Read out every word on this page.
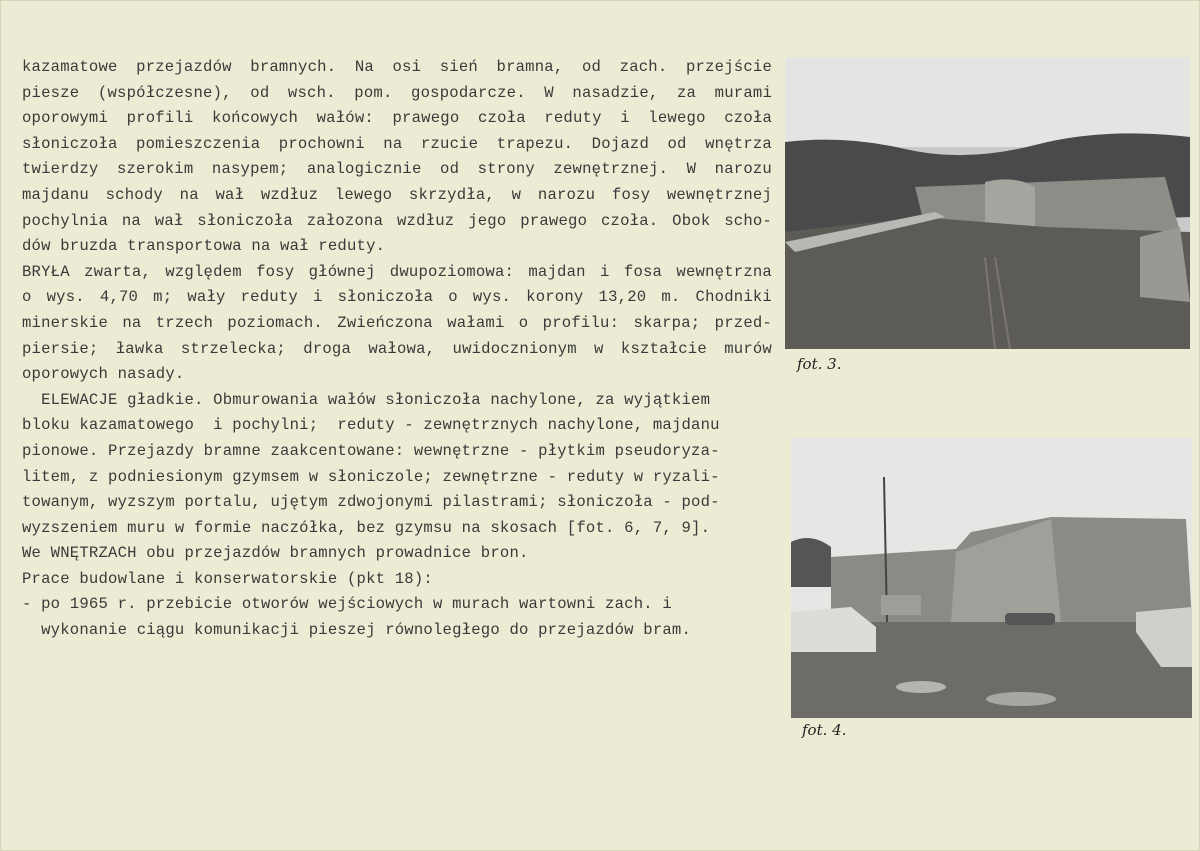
kazamatowe przejazdów bramnych. Na osi sień bramna, od zach. przejście
piesze (współczesne), od wsch. pom. gospodarcze. W nasadzie, za murami
oporowymi profili końcowych wałów: prawego czoła reduty i lewego czoła
słoniczoła pomieszczenia prochowni na rzucie trapezu. Dojazd od wnętrza
twierdzy szerokim nasypem; analogicznie od strony zewnętrznej. W narozu
majdanu schody na wał wzdłuz lewego skrzydła, w narozu fosy wewnętrznej
pochylnia na wał słoniczoła załozona wzdłuz jego prawego czoła. Obok scho-
dów bruzda transportowa na wał reduty.
BRYŁA zwarta, względem fosy głównej dwupoziomowa: majdan i fosa wewnętrzna
o wys. 4,70 m; wały reduty i słoniczoła o wys. korony 13,20 m. Chodniki
minerskie na trzech poziomach. Zwieńczona wałami o profilu: skarpa; przed-
piersie; ławka strzelecka; droga wałowa, uwidocznionym w kształcie murów
oporowych nasady.
ELEWACJE gładkie. Obmurowania wałów słoniczoła nachylone, za wyjątkiem
bloku kazamatowego  i pochylni;  reduty - zewnętrznych nachylone, majdanu
pionowe. Przejazdy bramne zaakcentowane: wewnętrzne - płytkim pseudoryza-
litem, z podniesionym gzymsem w słoniczole; zewnętrzne - reduty w ryzali-
towanym, wyzszym portalu, ujętym zdwojonymi pilastrami; słoniczoła - pod-
wyzszeniem muru w formie naczółka, bez gzymsu na skosach [fot. 6, 7, 9].
We WNĘTRZACH obu przejazdów bramnych prowadnice bron.
Prace budowlane i konserwatorskie (pkt 18):
- po 1965 r. przebicie otworów wejściowych w murach wartowni zach. i
wykonanie ciągu komunikacji pieszej równoległego do przejazdów bram.
fot. 3.
fot. 4.
